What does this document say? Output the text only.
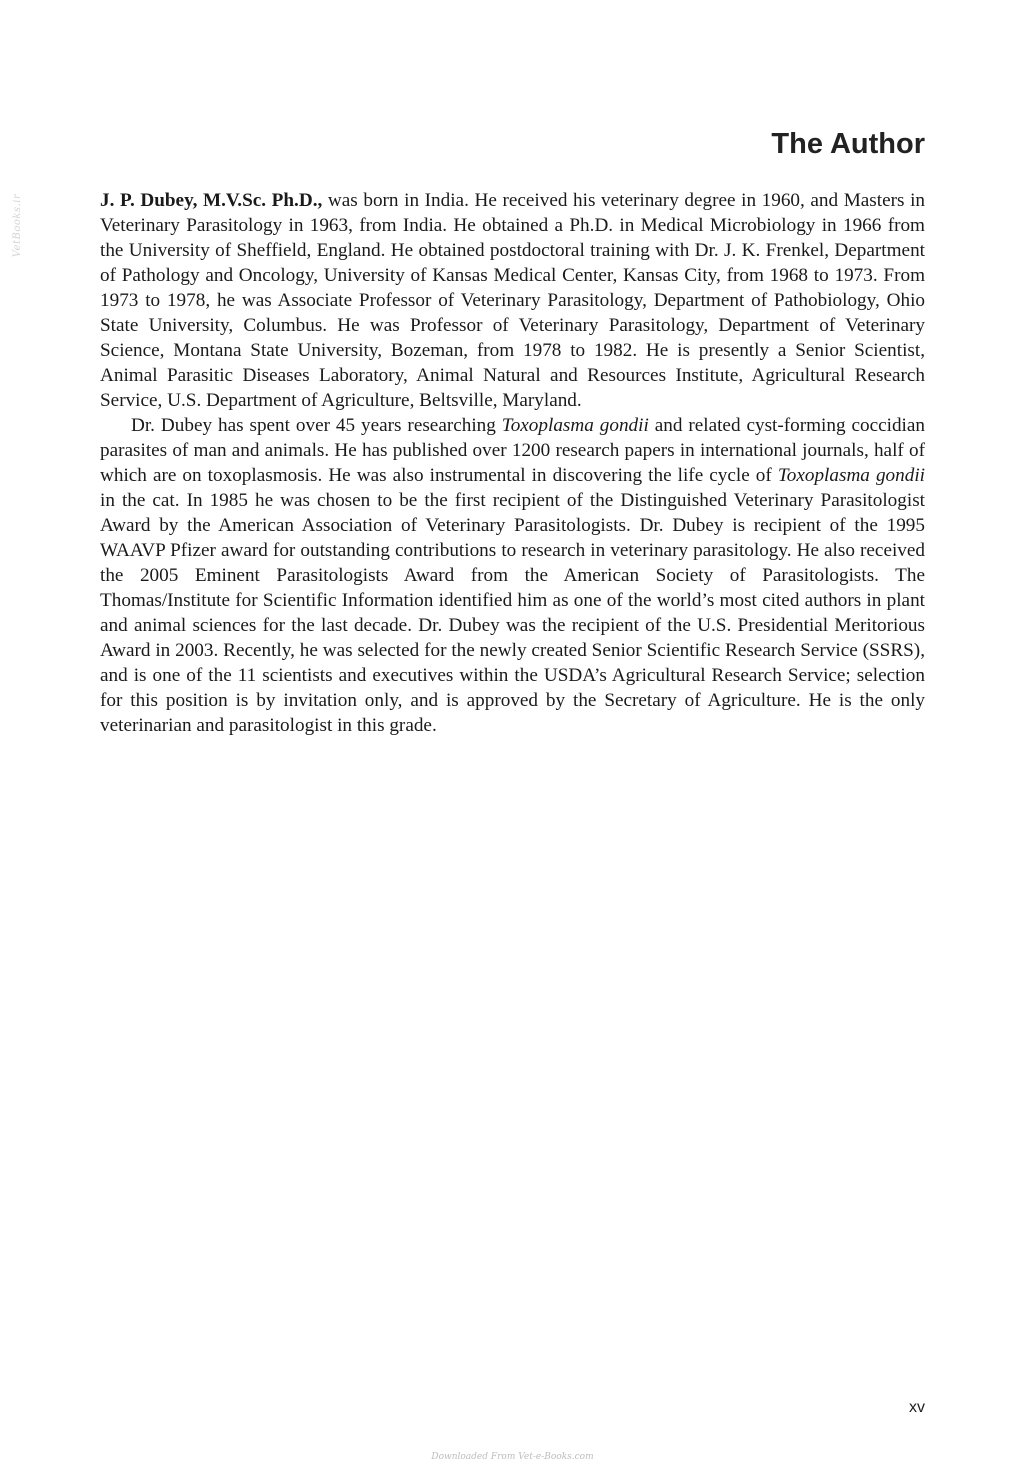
VetBooks.ir
The Author

J. P. Dubey, M.V.Sc. Ph.D., was born in India. He received his veterinary degree in 1960, and Masters in Veterinary Parasitology in 1963, from India. He obtained a Ph.D. in Medical Microbiology in 1966 from the University of Sheffield, England. He obtained postdoctoral training with Dr. J. K. Frenkel, Department of Pathology and Oncology, University of Kansas Medical Center, Kansas City, from 1968 to 1973. From 1973 to 1978, he was Associate Professor of Veterinary Parasitology, Department of Pathobiology, Ohio State University, Columbus. He was Professor of Veterinary Parasitology, Department of Veterinary Science, Montana State University, Bozeman, from 1978 to 1982. He is presently a Senior Scientist, Animal Parasitic Diseases Laboratory, Animal Natural and Resources Institute, Agricultural Research Service, U.S. Department of Agriculture, Beltsville, Maryland.

Dr. Dubey has spent over 45 years researching Toxoplasma gondii and related cyst-forming coccidian parasites of man and animals. He has published over 1200 research papers in international journals, half of which are on toxoplasmosis. He was also instrumental in discovering the life cycle of Toxoplasma gondii in the cat. In 1985 he was chosen to be the first recipient of the Distinguished Veterinary Parasitologist Award by the American Association of Veterinary Parasitologists. Dr. Dubey is recipient of the 1995 WAAVP Pfizer award for outstanding contributions to research in veterinary parasitology. He also received the 2005 Eminent Parasitologists Award from the American Society of Parasitologists. The Thomas/Institute for Scientific Information identified him as one of the world’s most cited authors in plant and animal sciences for the last decade. Dr. Dubey was the recipient of the U.S. Presidential Meritorious Award in 2003. Recently, he was selected for the newly created Senior Scientific Research Service (SSRS), and is one of the 11 scientists and executives within the USDA’s Agricultural Research Service; selection for this position is by invitation only, and is approved by the Secretary of Agriculture. He is the only veterinarian and parasitologist in this grade.

xv
Downloaded From Vet-e-Books.com
